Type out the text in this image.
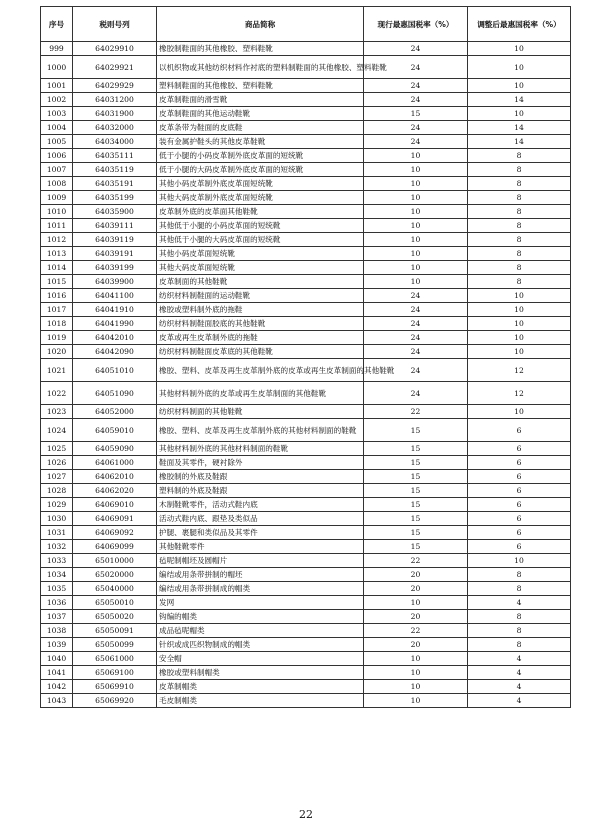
序号	税则号列	商品简称	现行最惠国税率（%）	调整后最惠国税率（%）
999	64029910	橡胶制鞋面的其他橡胶、塑料鞋靴	24	10
1000	64029921	以机织物或其他纺织材料作衬底的塑料制鞋面的其他橡胶、塑料鞋靴	24	10
1001	64029929	塑料制鞋面的其他橡胶、塑料鞋靴	24	10
1002	64031200	皮革制鞋面的滑雪靴	24	14
1003	64031900	皮革制鞋面的其他运动鞋靴	15	10
1004	64032000	皮革条带为鞋面的皮底鞋	24	14
1005	64034000	装有金属护鞋头的其他皮革鞋靴	24	14
1006	64035111	低于小腿的小码皮革制外底皮革面的短统靴	10	8
1007	64035119	低于小腿的大码皮革制外底皮革面的短统靴	10	8
1008	64035191	其他小码皮革制外底皮革面短统靴	10	8
1009	64035199	其他大码皮革制外底皮革面短统靴	10	8
1010	64035900	皮革制外底的皮革面其他鞋靴	10	8
1011	64039111	其他低于小腿的小码皮革面的短统靴	10	8
1012	64039119	其他低于小腿的大码皮革面的短统靴	10	8
1013	64039191	其他小码皮革面短统靴	10	8
1014	64039199	其他大码皮革面短统靴	10	8
1015	64039900	皮革制面的其他鞋靴	10	8
1016	64041100	纺织材料制鞋面的运动鞋靴	24	10
1017	64041910	橡胶或塑料制外底的拖鞋	24	10
1018	64041990	纺织材料制鞋面胶底的其他鞋靴	24	10
1019	64042010	皮革或再生皮革制外底的拖鞋	24	10
1020	64042090	纺织材料制鞋面皮革底的其他鞋靴	24	10
1021	64051010	橡胶、塑料、皮革及再生皮革制外底的皮革或再生皮革制面的其他鞋靴	24	12
1022	64051090	其他材料制外底的皮革或再生皮革制面的其他鞋靴	24	12
1023	64052000	纺织材料制面的其他鞋靴	22	10
1024	64059010	橡胶、塑料、皮革及再生皮革制外底的其他材料制面的鞋靴	15	6
1025	64059090	其他材料制外底的其他材料制面的鞋靴	15	6
1026	64061000	鞋面及其零件，硬衬除外	15	6
1027	64062010	橡胶制的外底及鞋跟	15	6
1028	64062020	塑料制的外底及鞋跟	15	6
1029	64069010	木制鞋靴零件，活动式鞋内底	15	6
1030	64069091	活动式鞋内底、跟垫及类似品	15	6
1031	64069092	护腿、裹腿和类似品及其零件	15	6
1032	64069099	其他鞋靴零件	15	6
1033	65010000	毡呢制帽坯及圆帽片	22	10
1034	65020000	编结或用条带拼制的帽坯	20	8
1035	65040000	编结或用条带拼制成的帽类	20	8
1036	65050010	发网	10	4
1037	65050020	钩编的帽类	20	8
1038	65050091	成品毡呢帽类	22	8
1039	65050099	针织或成匹织物制成的帽类	20	8
1040	65061000	安全帽	10	4
1041	65069100	橡胶或塑料制帽类	10	4
1042	65069910	皮革制帽类	10	4
1043	65069920	毛皮制帽类	10	4
22
